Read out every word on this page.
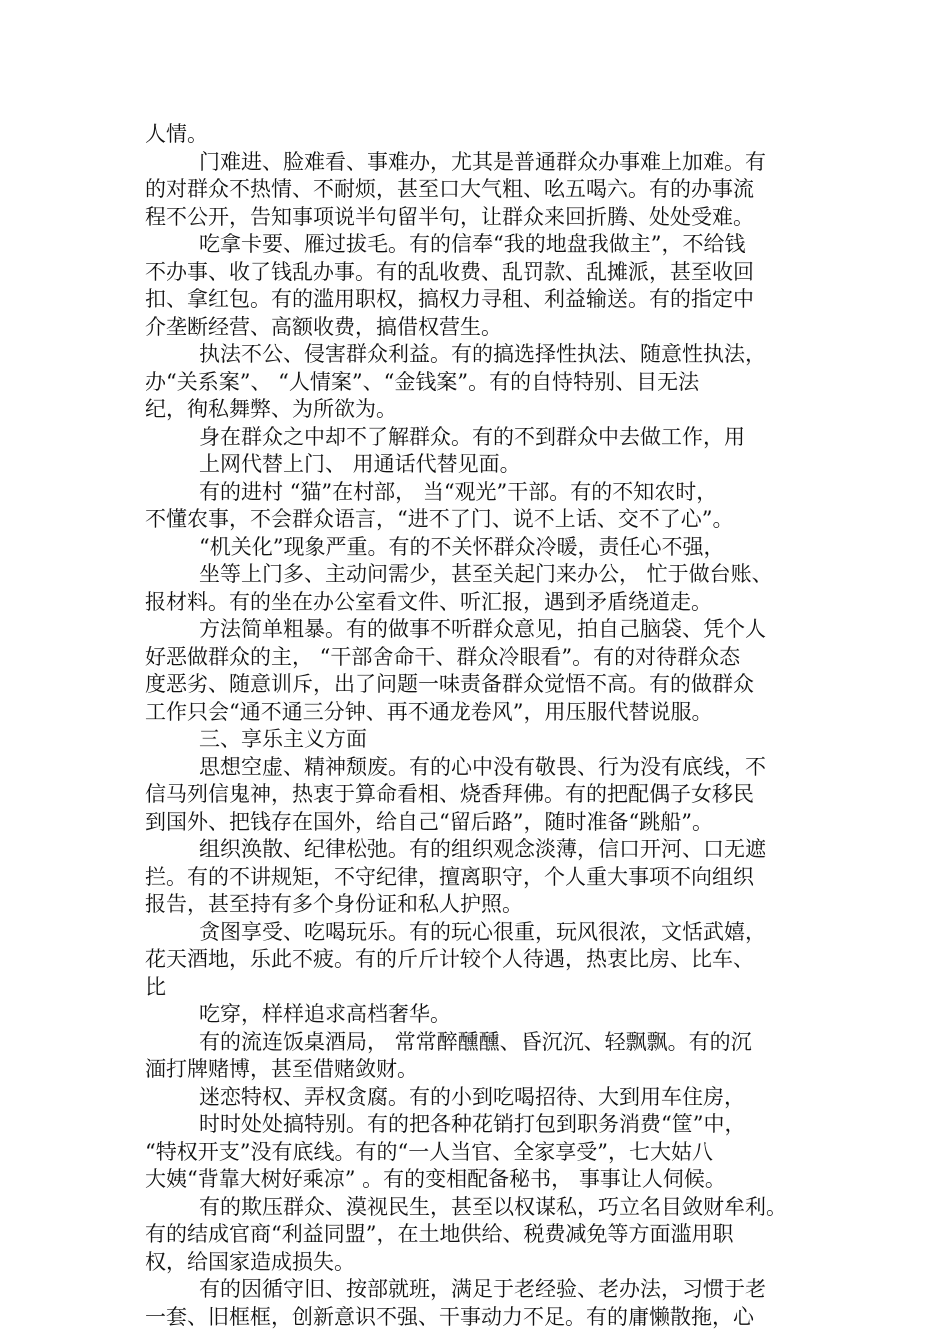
人情。
门难进、脸难看、事难办，尤其是普通群众办事难上加难。有
的对群众不热情、不耐烦，甚至口大气粗、吆五喝六。有的办事流
程不公开，告知事项说半句留半句，让群众来回折腾、处处受难。
吃拿卡要、雁过拔毛。有的信奉“我的地盘我做主”，不给钱
不办事、收了钱乱办事。有的乱收费、乱罚款、乱摊派，甚至收回
扣、拿红包。有的滥用职权，搞权力寻租、利益输送。有的指定中
介垄断经营、高额收费，搞借权营生。
执法不公、侵害群众利益。有的搞选择性执法、随意性执法，
办“关系案”、 “人情案”、“金钱案”。有的自恃特别、目无法
纪，徇私舞弊、为所欲为。
身在群众之中却不了解群众。有的不到群众中去做工作，用
上网代替上门、 用通话代替见面。
有的进村 “猫”在村部， 当“观光”干部。有的不知农时，
不懂农事，不会群众语言，“进不了门、说不上话、交不了心”。
“机关化”现象严重。有的不关怀群众冷暖，责任心不强，
坐等上门多、主动问需少，甚至关起门来办公， 忙于做台账、
报材料。有的坐在办公室看文件、听汇报，遇到矛盾绕道走。
方法简单粗暴。有的做事不听群众意见，拍自己脑袋、凭个人
好恶做群众的主， “干部舍命干、群众冷眼看”。有的对待群众态
度恶劣、随意训斥，出了问题一味责备群众觉悟不高。有的做群众
工作只会“通不通三分钟、再不通龙卷风”，用压服代替说服。
三、享乐主义方面
思想空虚、精神颓废。有的心中没有敬畏、行为没有底线，不
信马列信鬼神，热衷于算命看相、烧香拜佛。有的把配偶子女移民
到国外、把钱存在国外，给自己“留后路”，随时准备“跳船”。
组织涣散、纪律松弛。有的组织观念淡薄，信口开河、口无遮
拦。有的不讲规矩，不守纪律，擅离职守，个人重大事项不向组织
报告，甚至持有多个身份证和私人护照。
贪图享受、吃喝玩乐。有的玩心很重，玩风很浓，文恬武嬉，
花天酒地，乐此不疲。有的斤斤计较个人待遇，热衷比房、比车、
比
吃穿，样样追求高档奢华。
有的流连饭桌酒局， 常常醉醺醺、昏沉沉、轻飘飘。有的沉
湎打牌赌博，甚至借赌敛财。
迷恋特权、弄权贪腐。有的小到吃喝招待、大到用车住房，
时时处处搞特别。有的把各种花销打包到职务消费“筐”中，
“特权开支”没有底线。有的“一人当官、全家享受”，七大姑八
大姨“背靠大树好乘凉” 。有的变相配备秘书， 事事让人伺候。
有的欺压群众、漠视民生，甚至以权谋私，巧立名目敛财牟利。
有的结成官商“利益同盟”，在土地供给、税费减免等方面滥用职
权，给国家造成损失。
有的因循守旧、按部就班，满足于老经验、老办法，习惯于老
一套、旧框框，创新意识不强、干事动力不足。有的庸懒散拖，心
